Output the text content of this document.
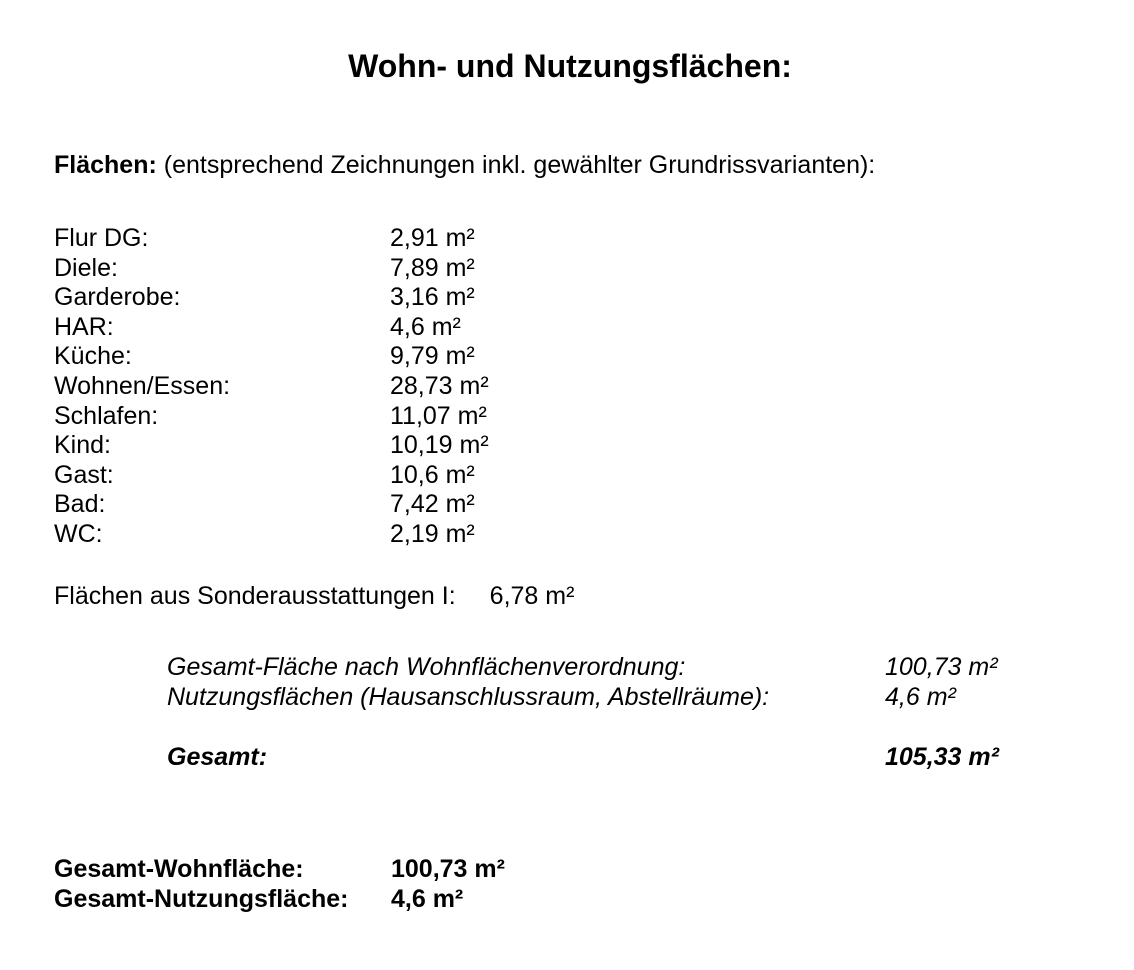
Wohn- und Nutzungsflächen:
Flächen: (entsprechend Zeichnungen inkl. gewählter Grundrissvarianten):
Flur DG:	2,91 m²
Diele:	7,89 m²
Garderobe:	3,16 m²
HAR:	4,6 m²
Küche:	9,79 m²
Wohnen/Essen:	28,73 m²
Schlafen:	11,07 m²
Kind:	10,19 m²
Gast:	10,6 m²
Bad:	7,42 m²
WC:	2,19 m²
Flächen aus Sonderausstattungen I: 6,78 m²
Gesamt-Fläche nach Wohnflächenverordnung:	100,73 m²
Nutzungsflächen (Hausanschlussraum, Abstellräume):	4,6 m²
Gesamt:	105,33 m²
Gesamt-Wohnfläche:	100,73 m²
Gesamt-Nutzungsfläche:	4,6 m²
